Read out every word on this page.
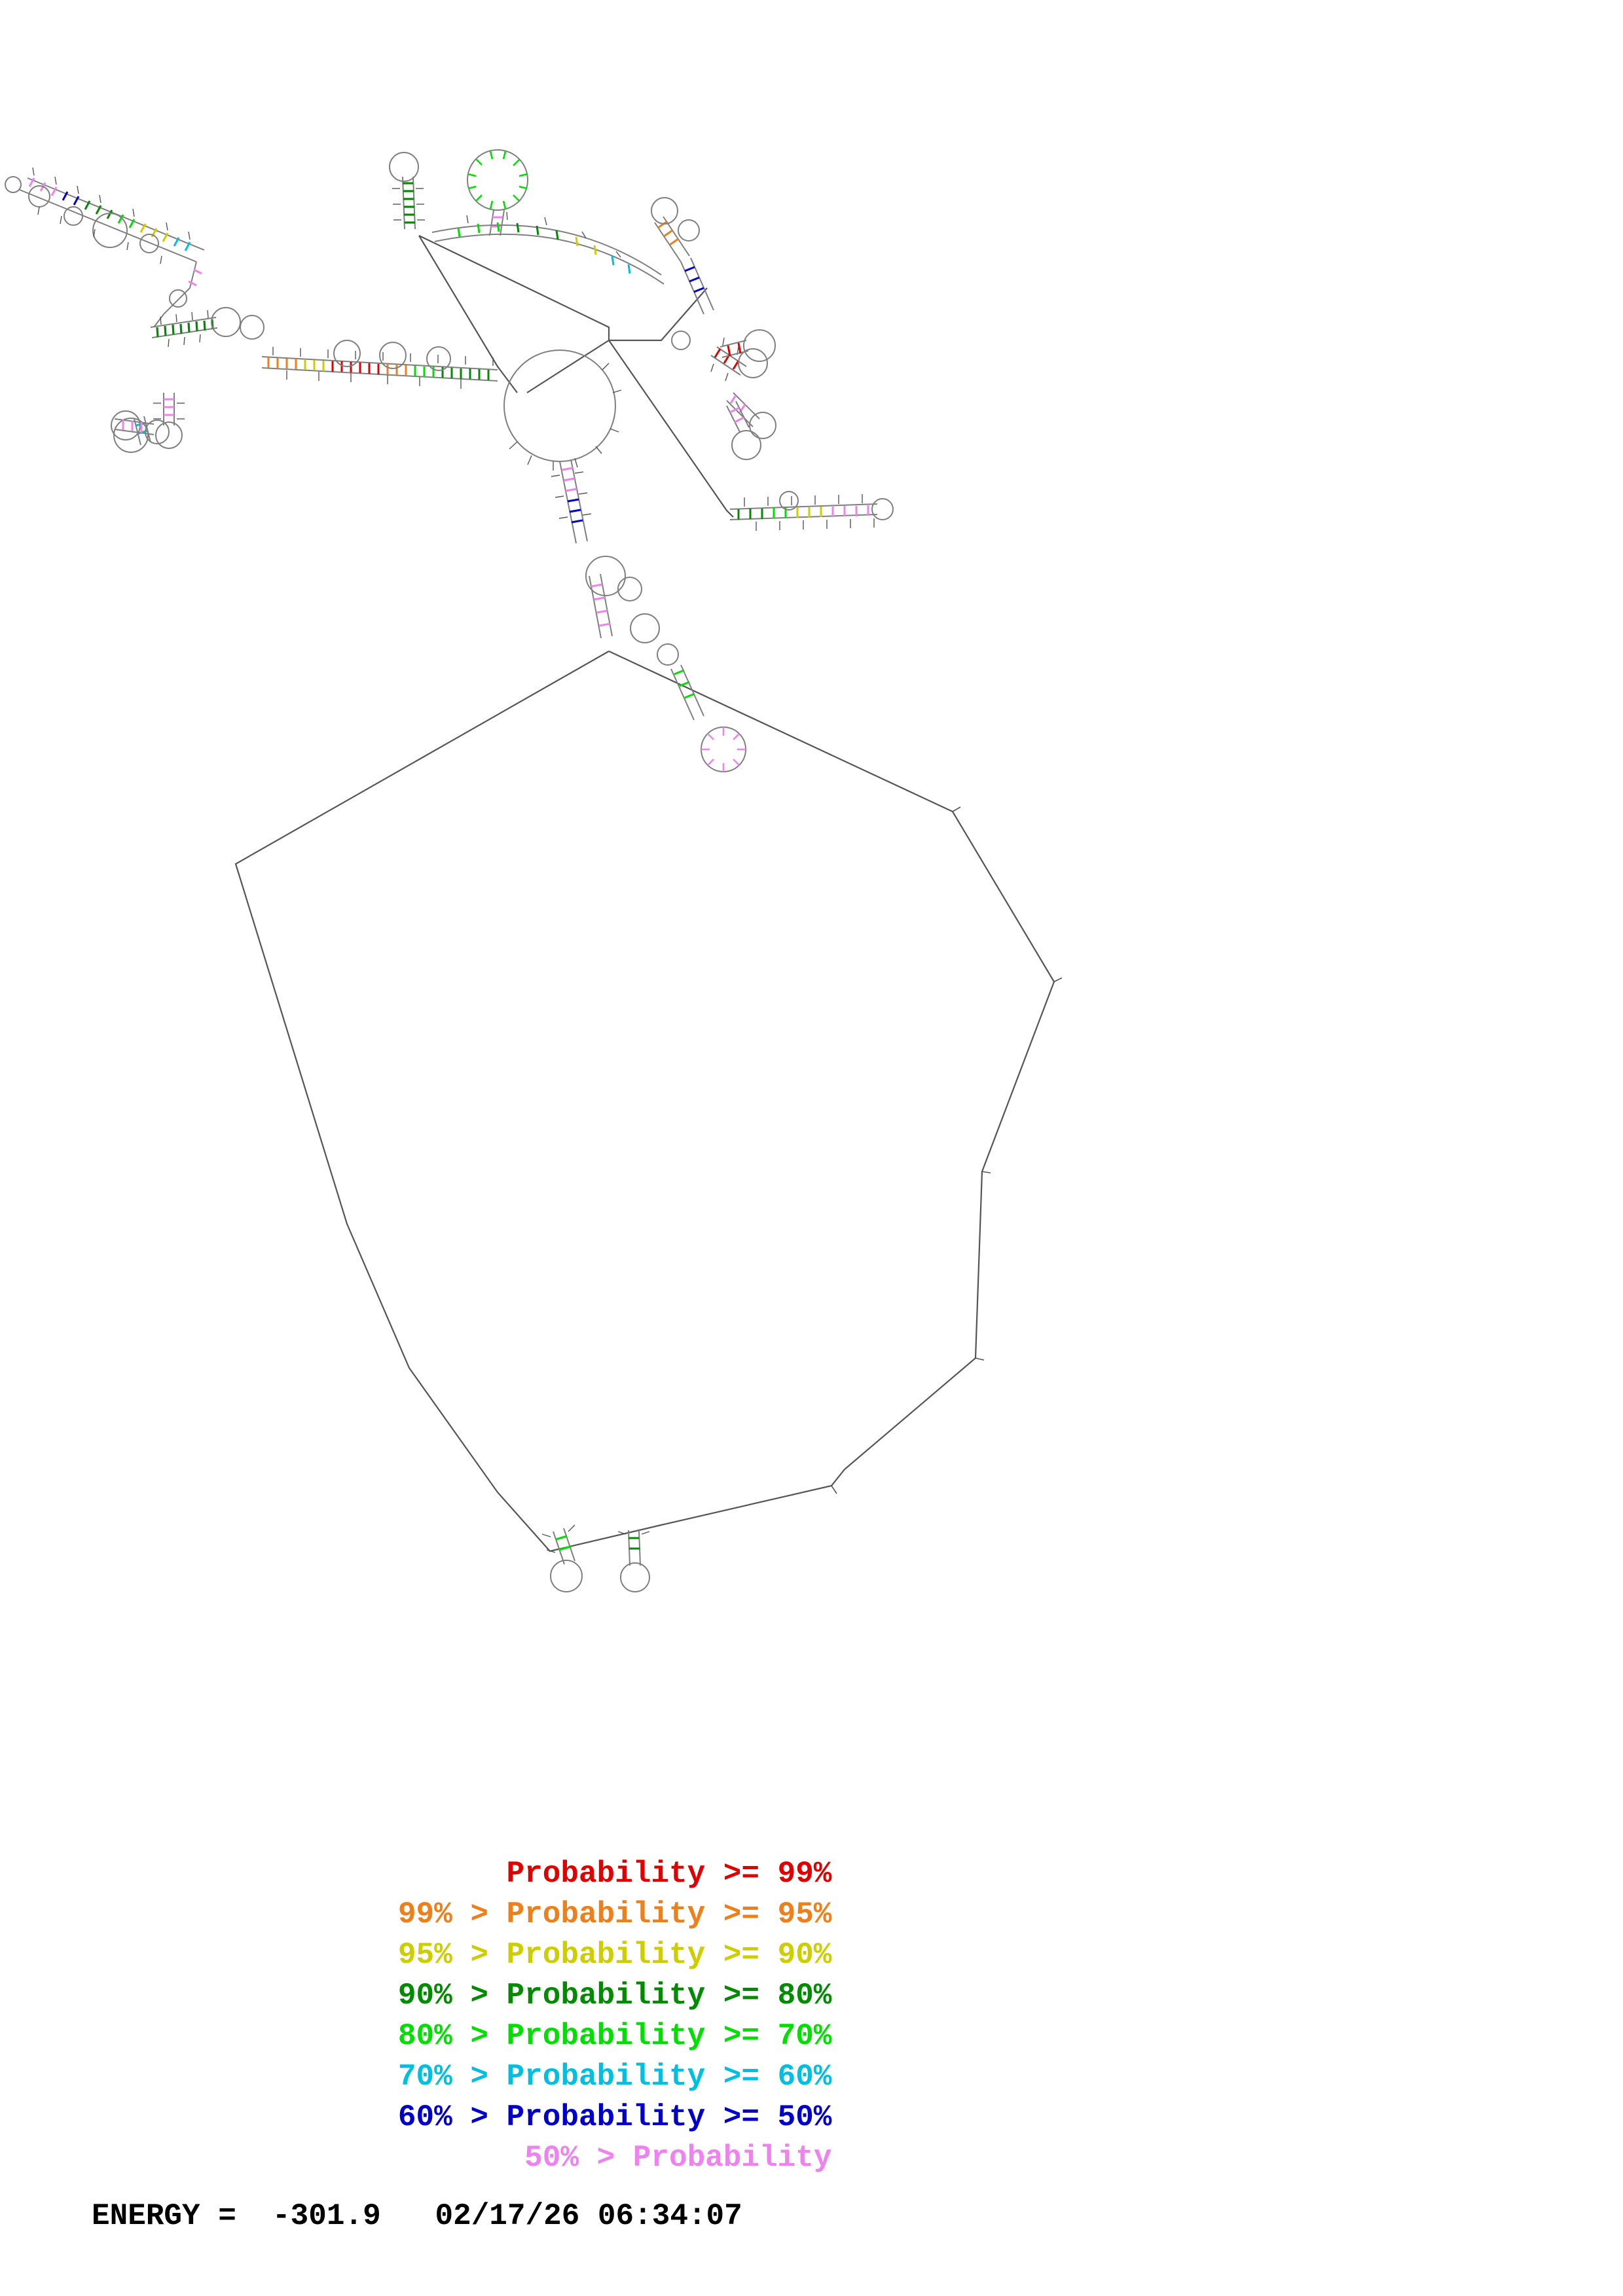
Probability >= 99%

99% > Probability >= 95%

95% > Probability >= 90%

90% > Probability >= 80%

80% > Probability >= 70%

70% > Probability >= 60%

60% > Probability >= 50%

50% > Probability

ENERGY =  -301.9   02/17/26 06:34:07
